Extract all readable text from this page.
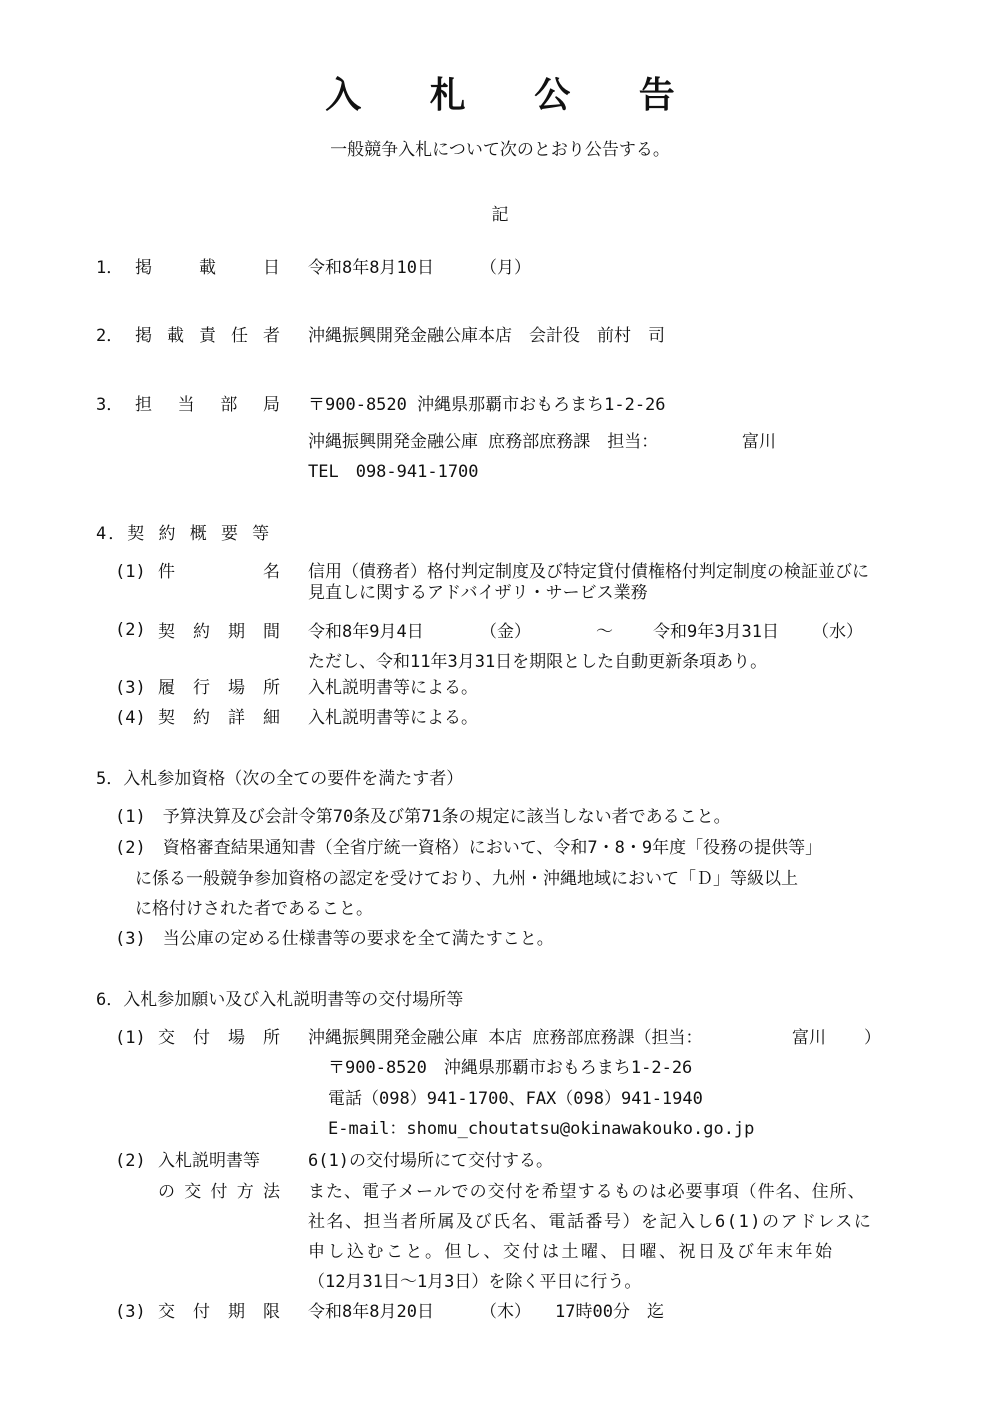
入 札 公 告
一般競争入札について次のとおり公告する。
記
1． 掲	載	日 令和8年8月10日	（月）
2． 掲 載 責 任 者 沖縄振興開発金融公庫本店　会計役　前村　司
3． 担 当 部 局 〒900-8520 沖縄県那覇市おもろまち1-2-26
沖縄振興開発金融公庫 庶務部庶務課　担当：	富川
TEL　098-941-1700
4．契 約 概 要 等
(1) 件	名 信用（債務者）格付判定制度及び特定貸付債権格付判定制度の検証並びに
見直しに関するアドバイザリ・サービス業務
(2) 契 約 期 間 令和8年9月4日	（金）	～ 令和9年3月31日 （水）
ただし、令和11年3月31日を期限とした自動更新条項あり。
(3) 履 行 場 所 入札説明書等による。
(4) 契 約 詳 細 入札説明書等による。
5．入札参加資格（次の全ての要件を満たす者）
(1)　予算決算及び会計令第70条及び第71条の規定に該当しない者であること。
(2)　資格審査結果通知書（全省庁統一資格）において、令和7・8・9年度「役務の提供等」
に係る一般競争参加資格の認定を受けており、九州・沖縄地域において「Ｄ」等級以上
に格付けされた者であること。
(3)　当公庫の定める仕様書等の要求を全て満たすこと。
6．入札参加願い及び入札説明書等の交付場所等
(1) 交 付 場 所 沖縄振興開発金融公庫 本店 庶務部庶務課（担当：	富川 ）
〒900-8520　沖縄県那覇市おもろまち1-2-26
電話（098）941-1700、FAX（098）941-1940
E-mail：shomu_choutatsu@okinawakouko.go.jp
(2) 入札説明書等
の 交 付 方 法
6(1)の交付場所にて交付する。
また、電子メールでの交付を希望するものは必要事項（件名、住所、
社名、担当者所属及び氏名、電話番号）を記入し6(1)のアドレスに
申し込むこと。但し、交付は土曜、日曜、祝日及び年末年始
（12月31日～1月3日）を除く平日に行う。
(3) 交 付 期 限 令和8年8月20日	（木） 17時00分　迄
